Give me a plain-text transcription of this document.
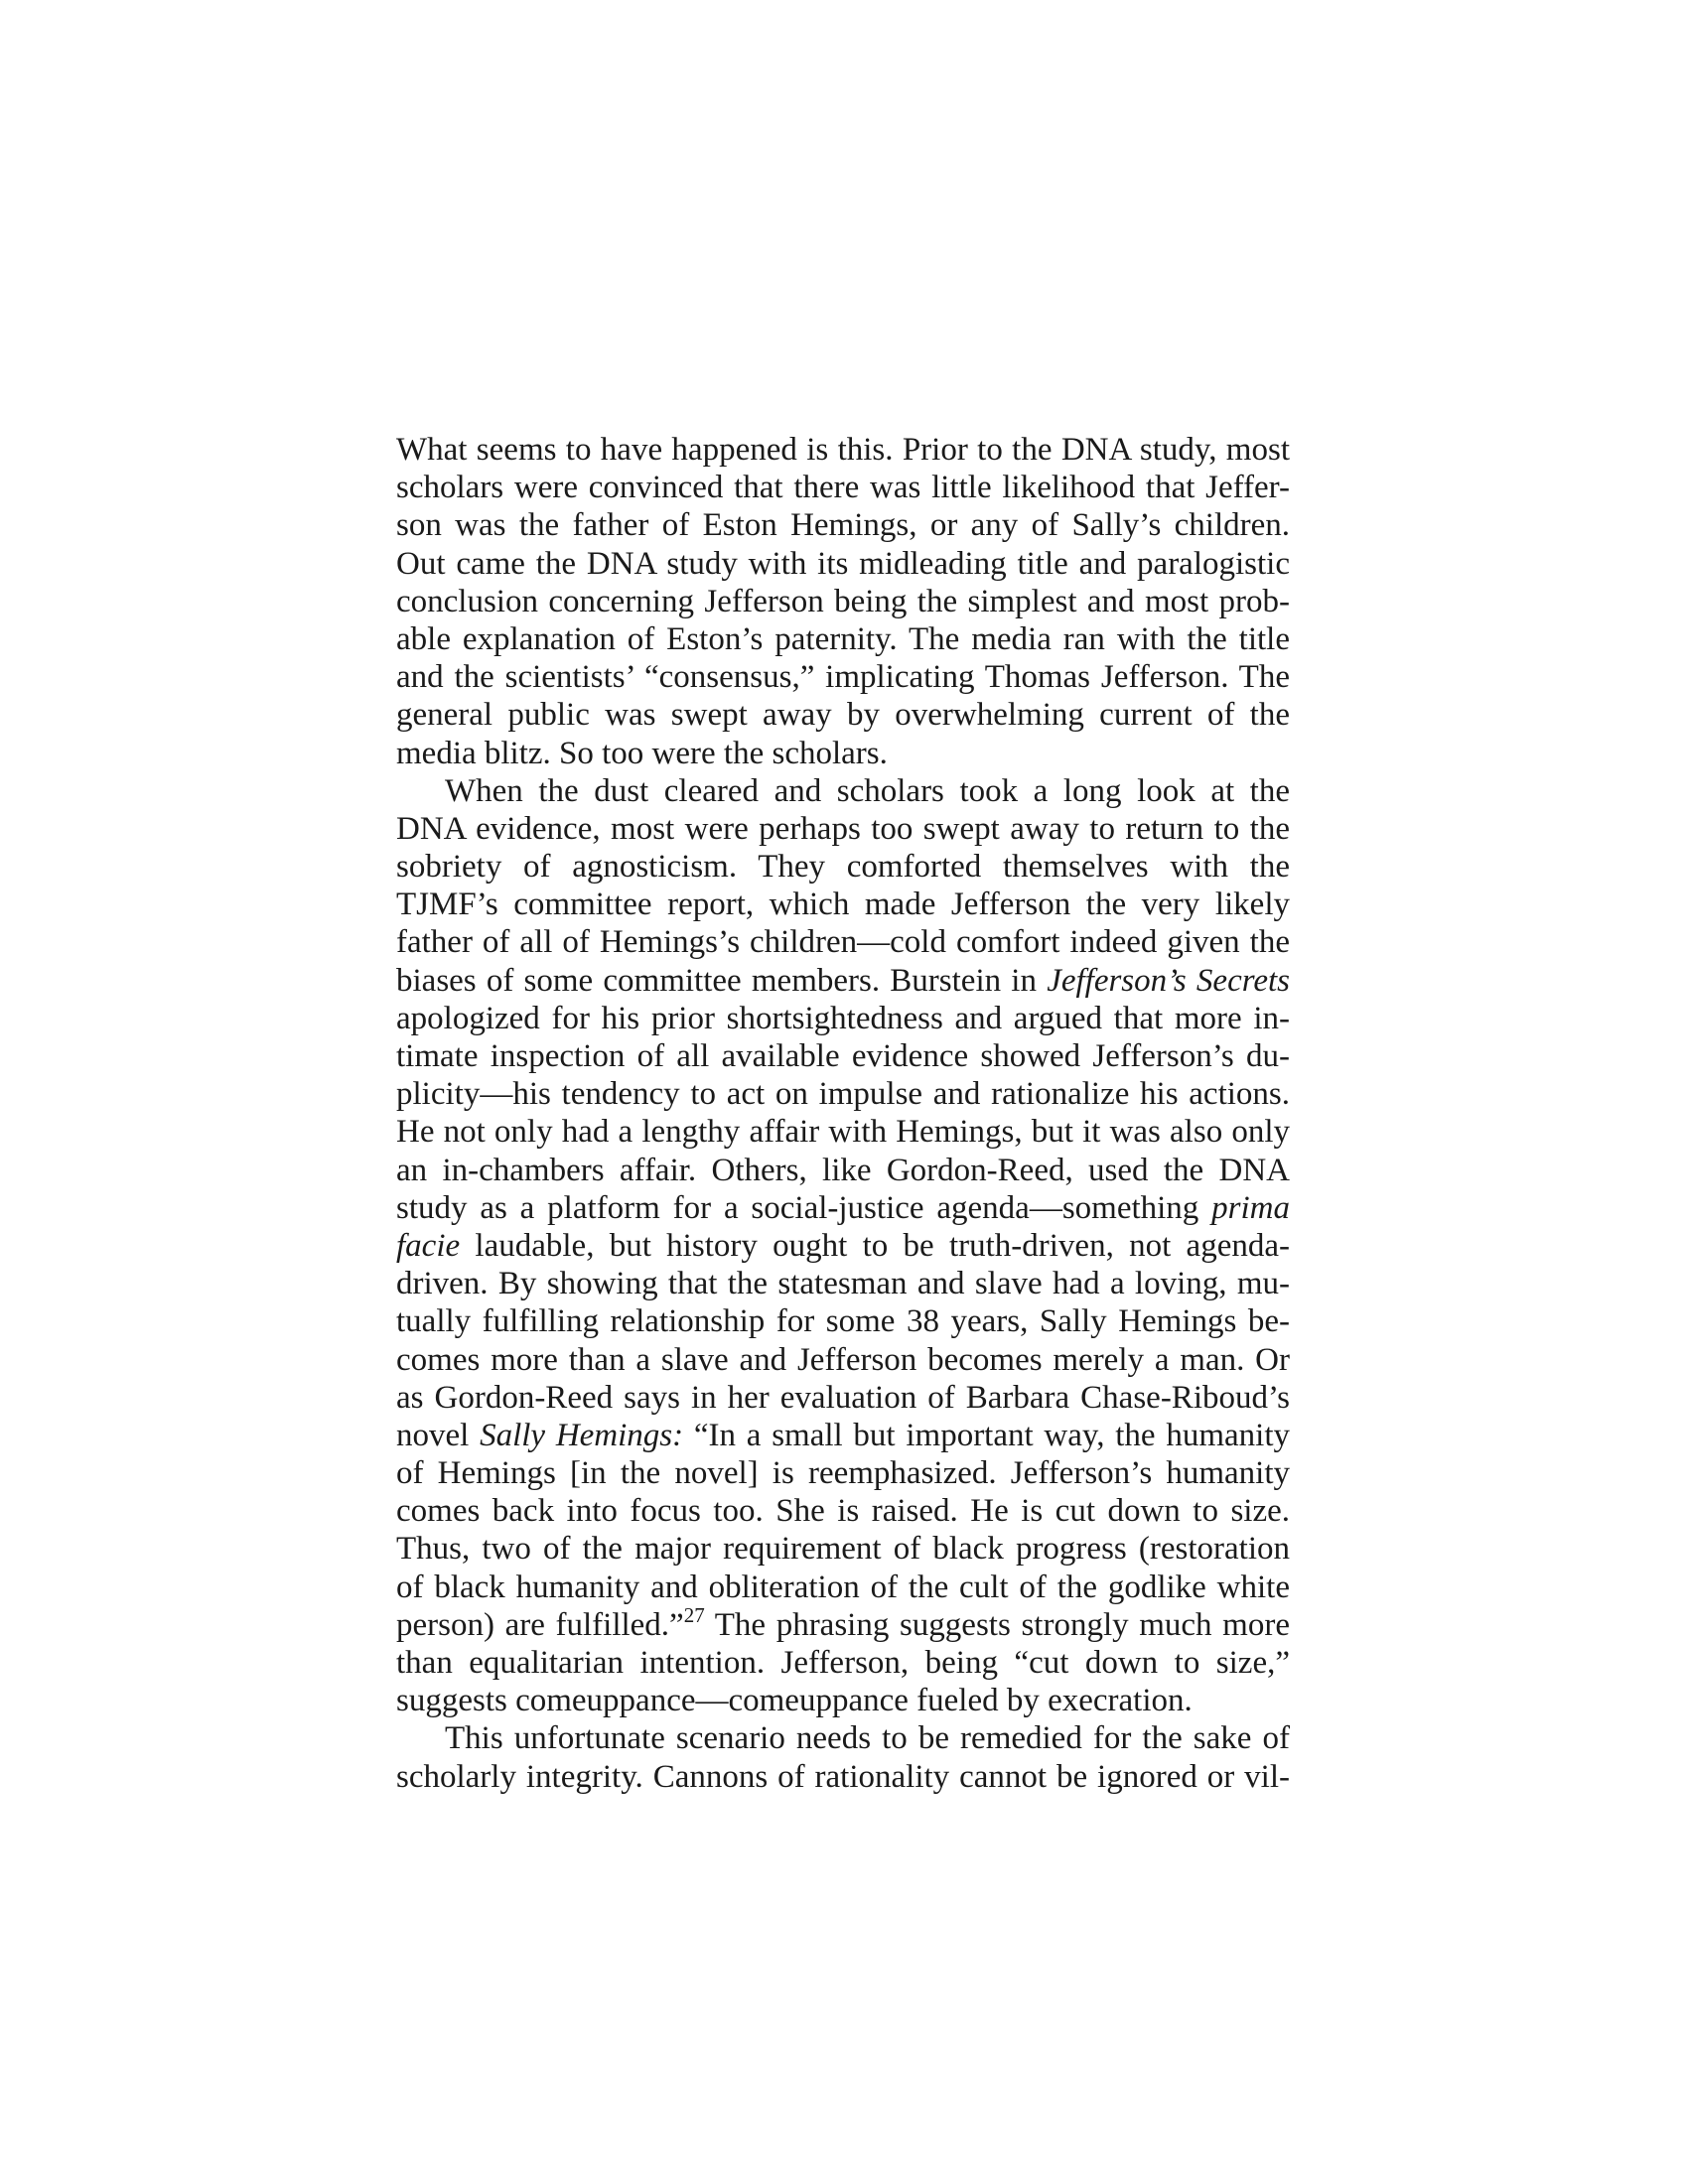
What seems to have happened is this. Prior to the DNA study, most
scholars were convinced that there was little likelihood that Jeffer-
son was the father of Eston Hemings, or any of Sally’s children.
Out came the DNA study with its midleading title and paralogistic
conclusion concerning Jefferson being the simplest and most prob-
able explanation of Eston’s paternity. The media ran with the title
and the scientists’ “consensus,” implicating Thomas Jefferson. The
general public was swept away by overwhelming current of the
media blitz. So too were the scholars.
When the dust cleared and scholars took a long look at the
DNA evidence, most were perhaps too swept away to return to the
sobriety of agnosticism. They comforted themselves with the
TJMF’s committee report, which made Jefferson the very likely
father of all of Hemings’s children—cold comfort indeed given the
biases of some committee members. Burstein in Jefferson’s Secrets
apologized for his prior shortsightedness and argued that more in-
timate inspection of all available evidence showed Jefferson’s du-
plicity—his tendency to act on impulse and rationalize his actions.
He not only had a lengthy affair with Hemings, but it was also only
an in-chambers affair. Others, like Gordon-Reed, used the DNA
study as a platform for a social-justice agenda—something prima
facie laudable, but history ought to be truth-driven, not agenda-
driven. By showing that the statesman and slave had a loving, mu-
tually fulfilling relationship for some 38 years, Sally Hemings be-
comes more than a slave and Jefferson becomes merely a man. Or
as Gordon-Reed says in her evaluation of Barbara Chase-Riboud’s
novel Sally Hemings: “In a small but important way, the humanity
of Hemings [in the novel] is reemphasized. Jefferson’s humanity
comes back into focus too. She is raised. He is cut down to size.
Thus, two of the major requirement of black progress (restoration
of black humanity and obliteration of the cult of the godlike white
person) are fulfilled.”$^{27}$ The phrasing suggests strongly much more
than equalitarian intention. Jefferson, being “cut down to size,”
suggests comeuppance—comeuppance fueled by execration.
This unfortunate scenario needs to be remedied for the sake of
scholarly integrity. Cannons of rationality cannot be ignored or vil-
